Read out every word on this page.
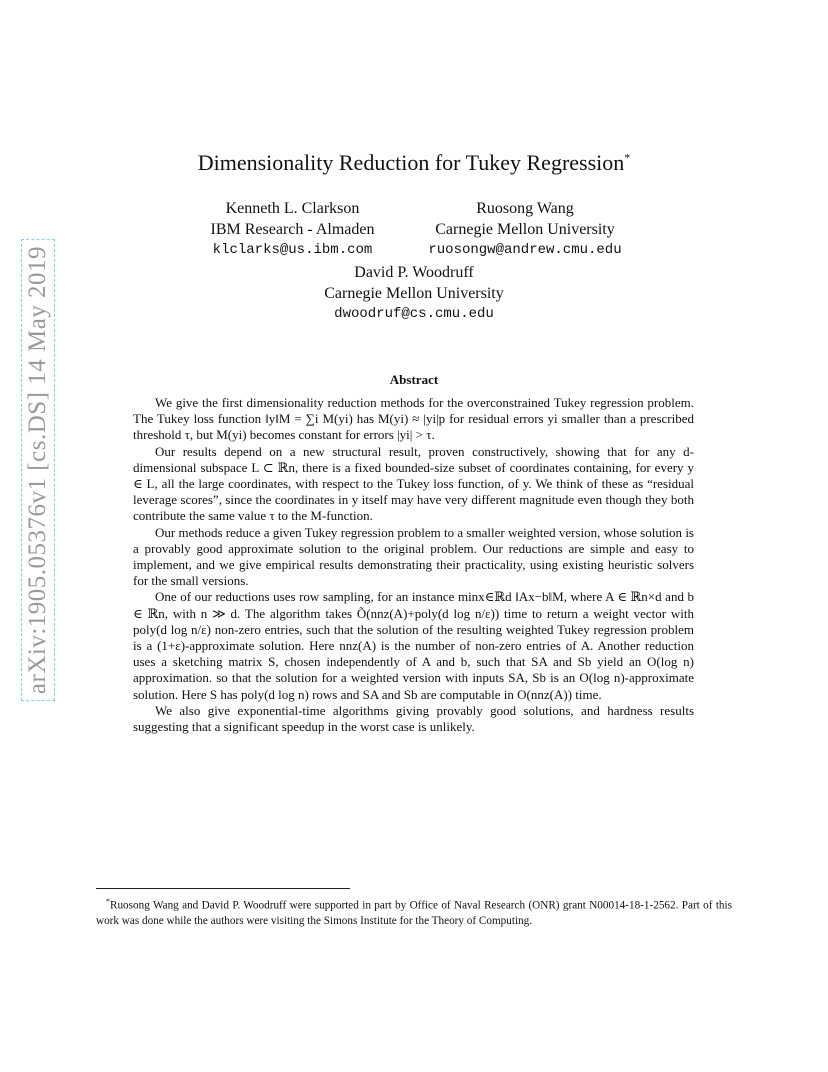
arXiv:1905.05376v1 [cs.DS] 14 May 2019
Dimensionality Reduction for Tukey Regression*
Kenneth L. Clarkson
IBM Research - Almaden
klclarks@us.ibm.com
Ruosong Wang
Carnegie Mellon University
ruosongw@andrew.cmu.edu
David P. Woodruff
Carnegie Mellon University
dwoodruf@cs.cmu.edu
Abstract

We give the first dimensionality reduction methods for the overconstrained Tukey regression problem. The Tukey loss function ‖y‖M = ∑i M(yi) has M(yi) ≈ |yi|p for residual errors yi smaller than a prescribed threshold τ, but M(yi) becomes constant for errors |yi| > τ.

Our results depend on a new structural result, proven constructively, showing that for any d-dimensional subspace L ⊂ ℝn, there is a fixed bounded-size subset of coordinates containing, for every y ∈ L, all the large coordinates, with respect to the Tukey loss function, of y. We think of these as “residual leverage scores”, since the coordinates in y itself may have very different magnitude even though they both contribute the same value τ to the M-function.

Our methods reduce a given Tukey regression problem to a smaller weighted version, whose solution is a provably good approximate solution to the original problem. Our reductions are simple and easy to implement, and we give empirical results demonstrating their practicality, using existing heuristic solvers for the small versions.

One of our reductions uses row sampling, for an instance minx∈ℝd ‖Ax−b‖M, where A ∈ ℝn×d and b ∈ ℝn, with n ≫ d. The algorithm takes Õ(nnz(A)+poly(d log n/ε)) time to return a weight vector with poly(d log n/ε) non-zero entries, such that the solution of the resulting weighted Tukey regression problem is a (1+ε)-approximate solution. Here nnz(A) is the number of non-zero entries of A. Another reduction uses a sketching matrix S, chosen independently of A and b, such that SA and Sb yield an O(log n) approximation. so that the solution for a weighted version with inputs SA, Sb is an O(log n)-approximate solution. Here S has poly(d log n) rows and SA and Sb are computable in O(nnz(A)) time.

We also give exponential-time algorithms giving provably good solutions, and hardness results suggesting that a significant speedup in the worst case is unlikely.

*Ruosong Wang and David P. Woodruff were supported in part by Office of Naval Research (ONR) grant N00014-18-1-2562. Part of this work was done while the authors were visiting the Simons Institute for the Theory of Computing.
